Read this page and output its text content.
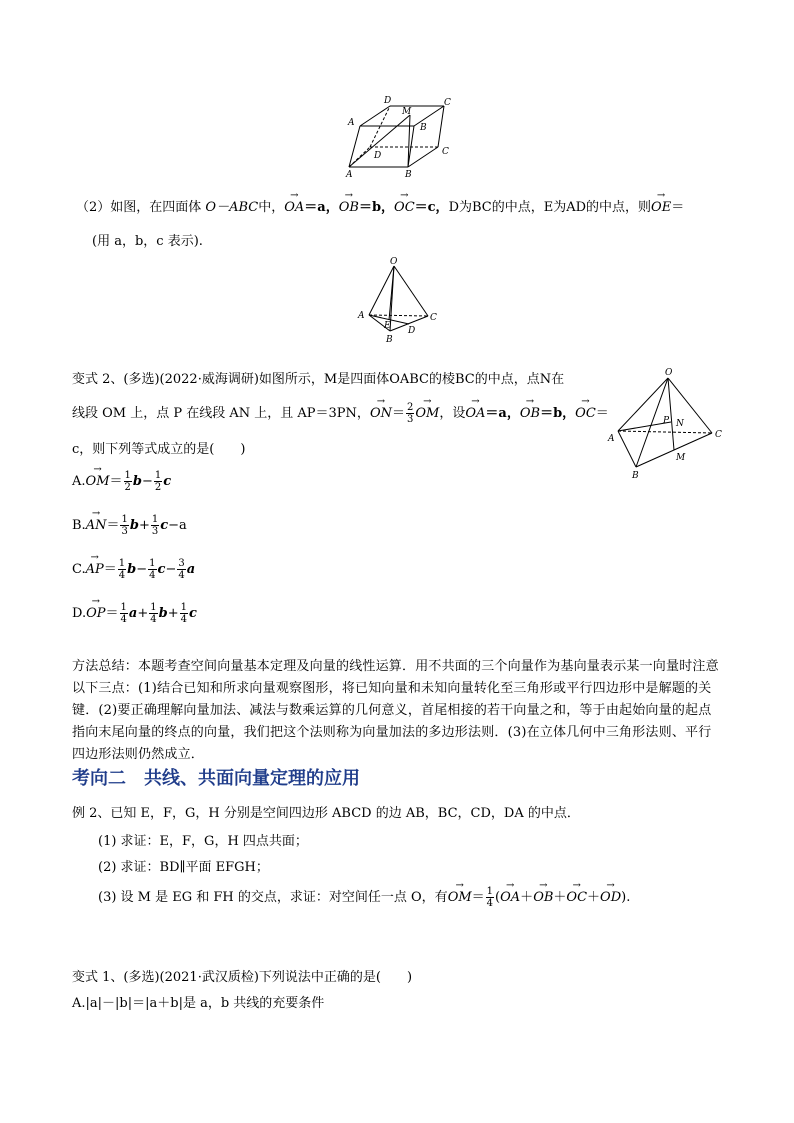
D	C
M
A	B
D	C
A	B
（2）如图，在四面体 O－ABC中，→ OA＝a，→ OB＝b，→ OC＝c，D为BC的中点，E为AD的中点，则→ OE＝
(用 a，b，c 表示).
O
A	C
E D
B
变式 2、(多选)(2022·威海调研)如图所示，M是四面体OABC的棱BC的中点，点N在
线段 OM 上，点 P 在线段 AN 上，且 AP＝3PN，→ $ON= \frac{2}{3}$
→ OM，设→ OA＝a，→ OB＝b，→ OC＝
c，则下列等式成立的是(　　)
$A.\to OM= \frac{1}{2} b- \frac{1}{2}$ c
$B.\to AN= \frac{1}{3} b+ \frac{1}{3} c-a$
$C.\to AP= \frac{1}{4} b- \frac{1}{4} c- \frac{3}{4}$ a
$D.\to OP= \frac{1}{4} a+ \frac{1}{4} b+ \frac{1}{4}$ c
O
A	C
P N
M
B
方法总结：本题考查空间向量基本定理及向量的线性运算．用不共面的三个向量作为基向量表示某一向量时注意以下三点：(1)结合已知和所求向量观察图形，将已知向量和未知向量转化至三角形或平行四边形中是解题的关键．(2)要正确理解向量加法、减法与数乘运算的几何意义，首尾相接的若干向量之和，等于由起始向量的起点指向末尾向量的终点的向量，我们把这个法则称为向量加法的多边形法则．(3)在立体几何中三角形法则、平行四边形法则仍然成立．
考向二　共线、共面向量定理的应用
例 2、已知 E，F，G，H 分别是空间四边形 ABCD 的边 AB，BC，CD，DA 的中点．
(1) 求证：E，F，G，H 四点共面；
(2) 求证：BD∥平面 EFGH；
(3) 设 M 是 EG 和 FH 的交点，求证：对空间任一点 O，有→ $OM= \frac{1}{4}$ (→ OA＋→ OB＋→ OC＋→ OD).
变式 1、(多选)(2021·武汉质检)下列说法中正确的是(　　)
A.|a|－|b|＝|a＋b|是 a，b 共线的充要条件
